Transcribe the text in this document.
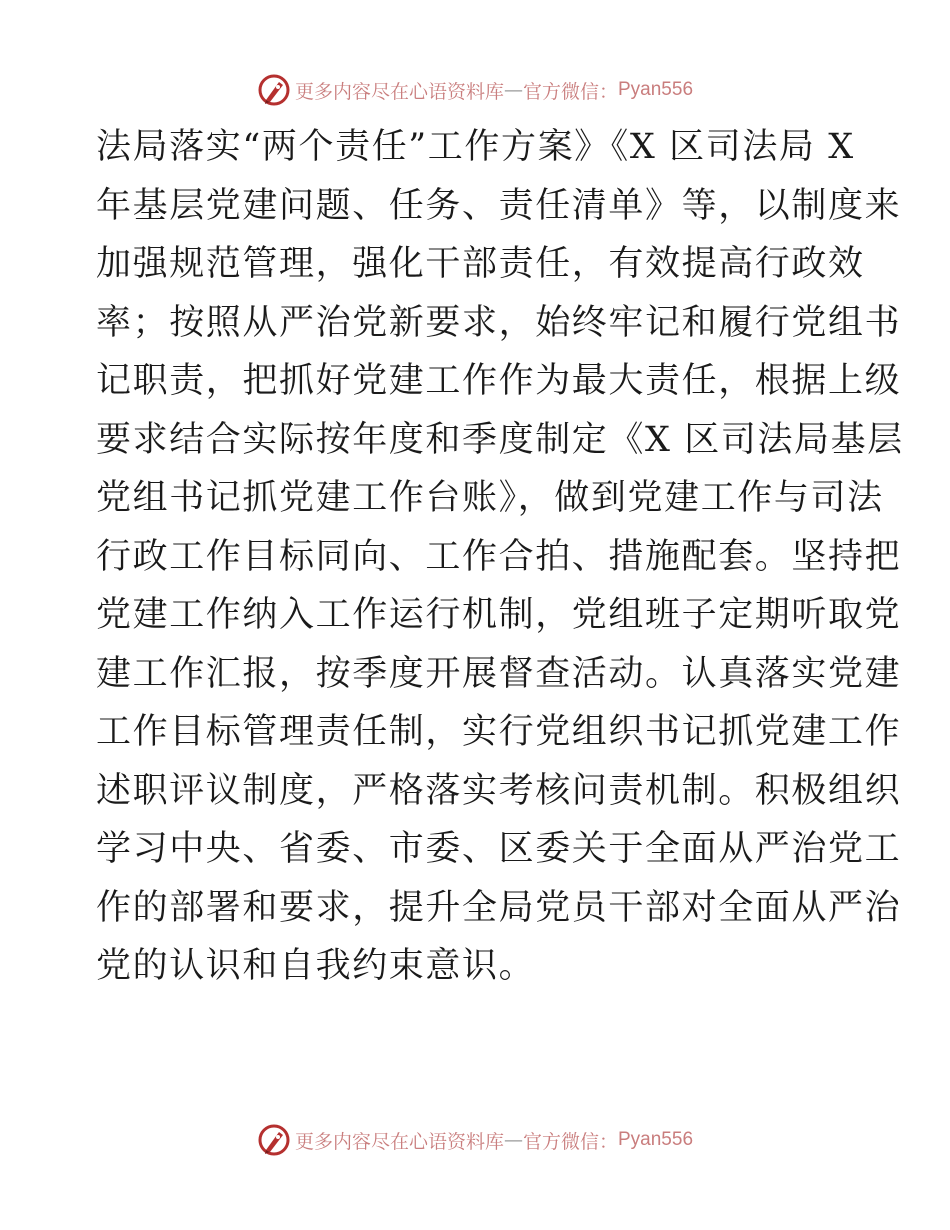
更多内容尽在心语资料库 — 官方微信： Pyan556
法局落实“两个责任”工作方案》《X 区司法局 X
年基层党建问题、任务、责任清单》等，以制度来
加强规范管理，强化干部责任，有效提高行政效
率；按照从严治党新要求，始终牢记和履行党组书
记职责，把抓好党建工作作为最大责任，根据上级
要求结合实际按年度和季度制定《X 区司法局基层
党组书记抓党建工作台账》，做到党建工作与司法
行政工作目标同向、工作合拍、措施配套。坚持把
党建工作纳入工作运行机制，党组班子定期听取党
建工作汇报，按季度开展督查活动。认真落实党建
工作目标管理责任制，实行党组织书记抓党建工作
述职评议制度，严格落实考核问责机制。积极组织
学习中央、省委、市委、区委关于全面从严治党工
作的部署和要求，提升全局党员干部对全面从严治
党的认识和自我约束意识。
更多内容尽在心语资料库 — 官方微信： Pyan556
